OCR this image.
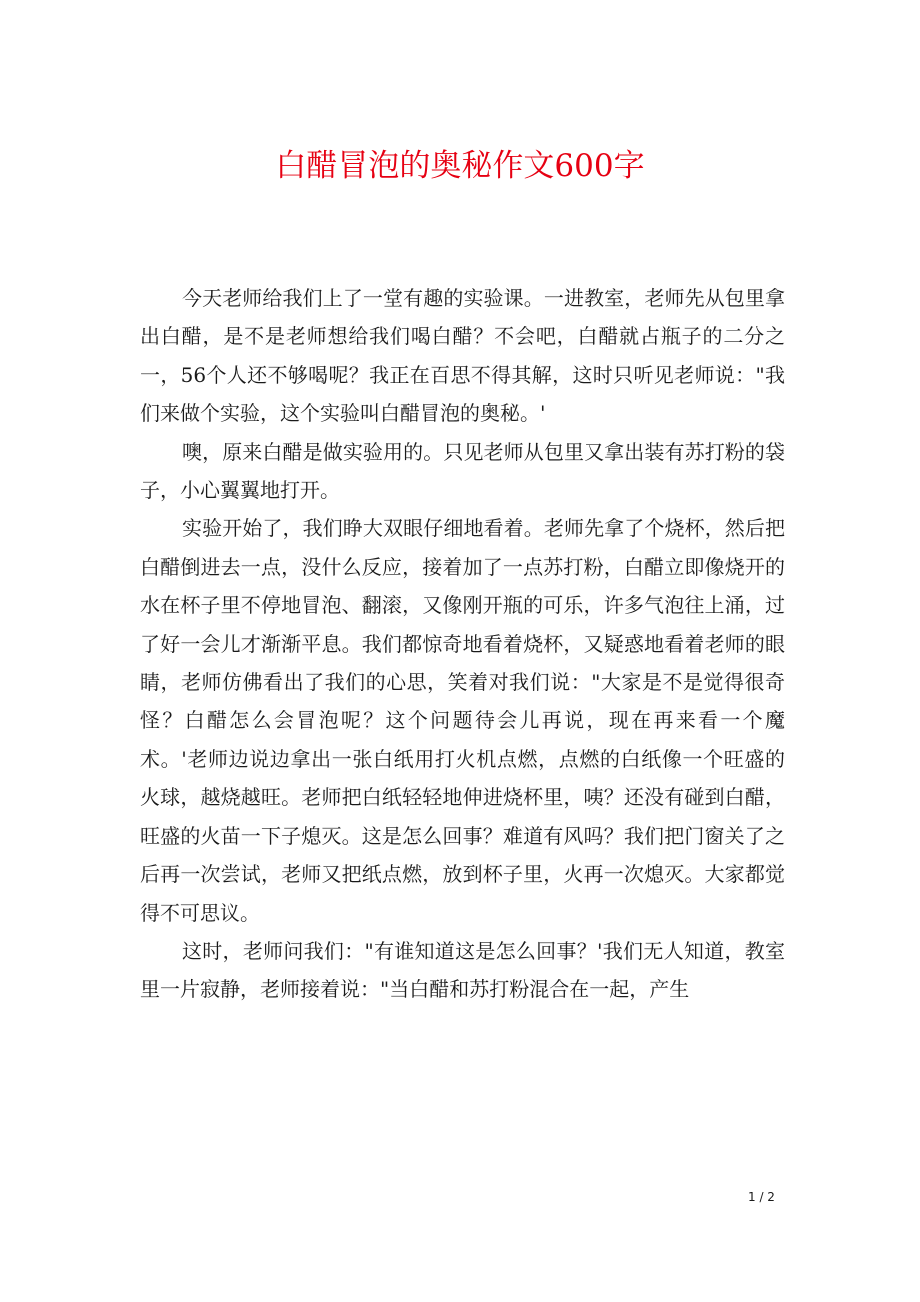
白醋冒泡的奥秘作文600字

今天老师给我们上了一堂有趣的实验课。一进教室，老师先从包里拿出白醋，是不是老师想给我们喝白醋？不会吧，白醋就占瓶子的二分之一，56个人还不够喝呢？我正在百思不得其解，这时只听见老师说："我们来做个实验，这个实验叫白醋冒泡的奥秘。'

噢，原来白醋是做实验用的。只见老师从包里又拿出装有苏打粉的袋子，小心翼翼地打开。

实验开始了，我们睁大双眼仔细地看着。老师先拿了个烧杯，然后把白醋倒进去一点，没什么反应，接着加了一点苏打粉，白醋立即像烧开的水在杯子里不停地冒泡、翻滚，又像刚开瓶的可乐，许多气泡往上涌，过了好一会儿才渐渐平息。我们都惊奇地看着烧杯，又疑惑地看着老师的眼睛，老师仿佛看出了我们的心思，笑着对我们说："大家是不是觉得很奇怪？白醋怎么会冒泡呢？这个问题待会儿再说，现在再来看一个魔术。'老师边说边拿出一张白纸用打火机点燃，点燃的白纸像一个旺盛的火球，越烧越旺。老师把白纸轻轻地伸进烧杯里，咦？还没有碰到白醋，旺盛的火苗一下子熄灭。这是怎么回事？难道有风吗？我们把门窗关了之后再一次尝试，老师又把纸点燃，放到杯子里，火再一次熄灭。大家都觉得不可思议。

这时，老师问我们："有谁知道这是怎么回事？'我们无人知道，教室里一片寂静，老师接着说："当白醋和苏打粉混合在一起，产生

1 / 2
